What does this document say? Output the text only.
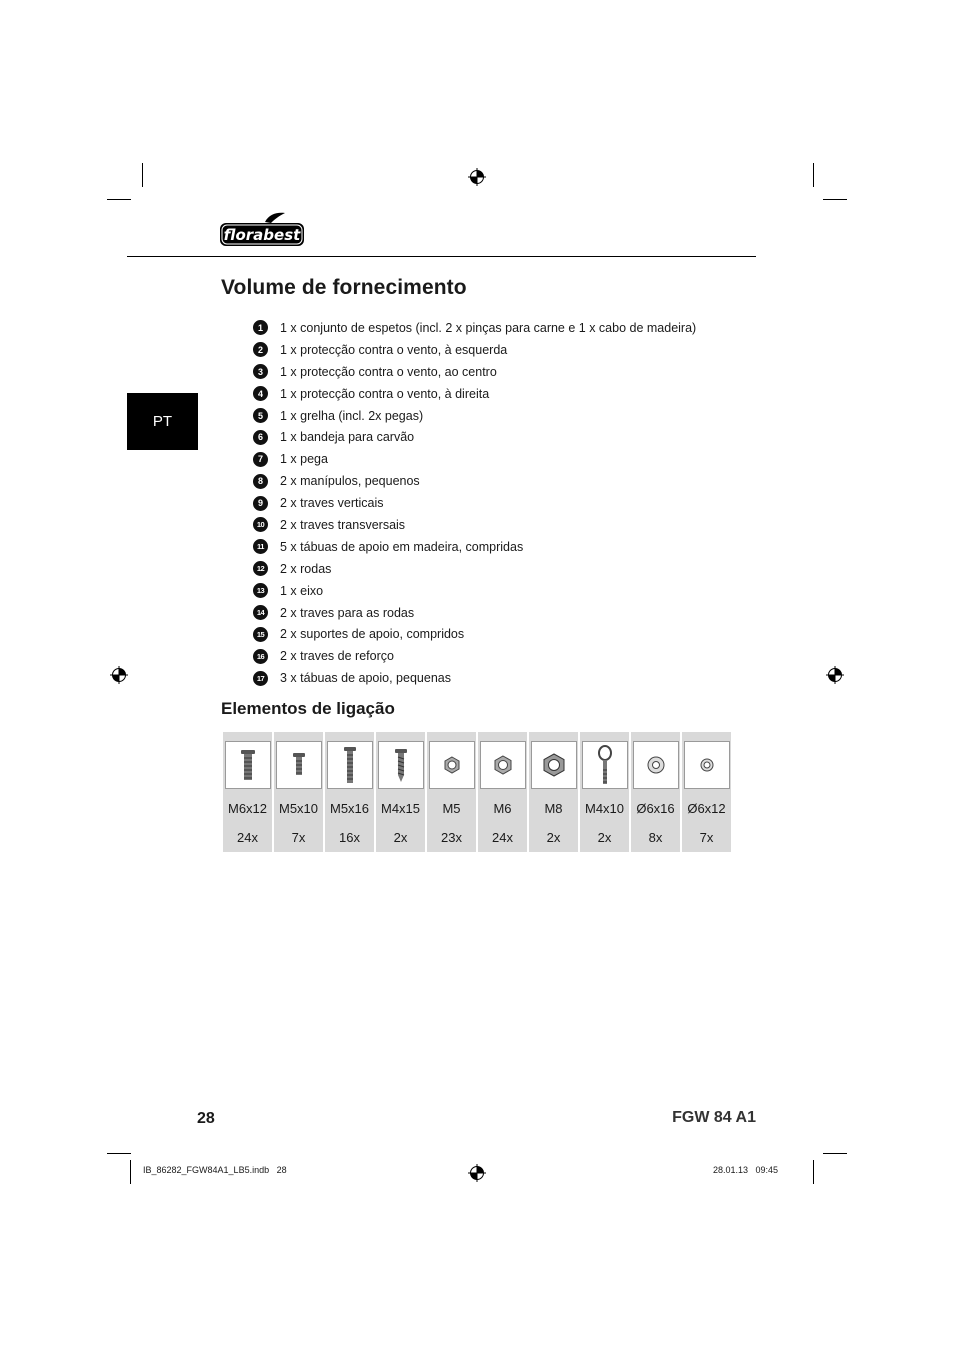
florabest
PT
Volume de fornecimento
1	1 x conjunto de espetos (incl. 2 x pinças para carne e 1 x cabo de madeira)
2	1 x protecção contra o vento, à esquerda
3	1 x protecção contra o vento, ao centro
4	1 x protecção contra o vento, à direita
5	1 x grelha (incl. 2x pegas)
6	1 x bandeja para carvão
7	1 x pega
8	2 x manípulos, pequenos
9	2 x traves verticais
10	2 x traves transversais
11	5 x tábuas de apoio em madeira, compridas
12	2 x rodas
13	1 x eixo
14	2 x traves para as rodas
15	2 x suportes de apoio, compridos
16	2 x traves de reforço
17	3 x tábuas de apoio, pequenas
Elementos de ligação

M6x12	M5x10	M5x16	M4x15	M5	M6	M8	M4x10	Ø6x16	Ø6x12
24x	7x	16x	2x	23x	24x	2x	2x	8x	7x
28	FGW 84 A1
IB_86282_FGW84A1_LB5.indb   28	28.01.13   09:45
